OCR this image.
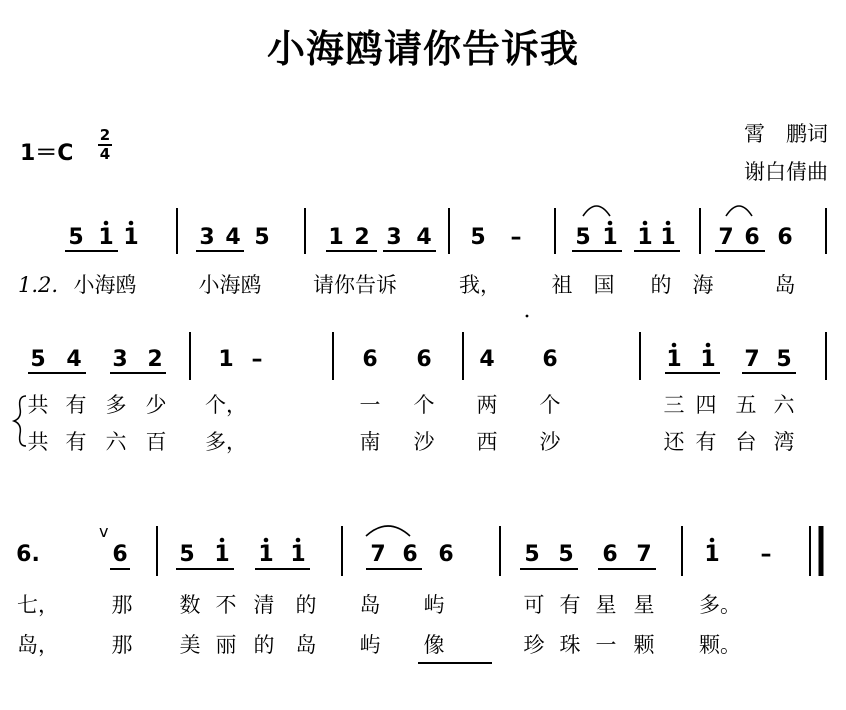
小海鸥请你告诉我
1＝C
2
4
霄　鹏词
谢白倩曲
5 1 1	3 4 5	1 2 3 4 5 – 5 1 1 1 7 6 6
1.2. 小海鸥	小海鸥 请你告诉	我， 祖　国 的　海	岛
5 4 3 2	1 –	6 6 4 6	1 1 7 5
共 有 多 少 个，	一 个 两 个	三 四 五 六
共 有 六 百 多，	南 沙 西 沙	还 有 台 湾
6.	6 5 1 1 1	7 6 6	5 5 6 7 1 –
v
七，	那 数 不 清 的 岛 屿	可 有 星 星 多。
岛，	那 美 丽 的 岛 屿 像	珍 珠 一 颗 颗。
